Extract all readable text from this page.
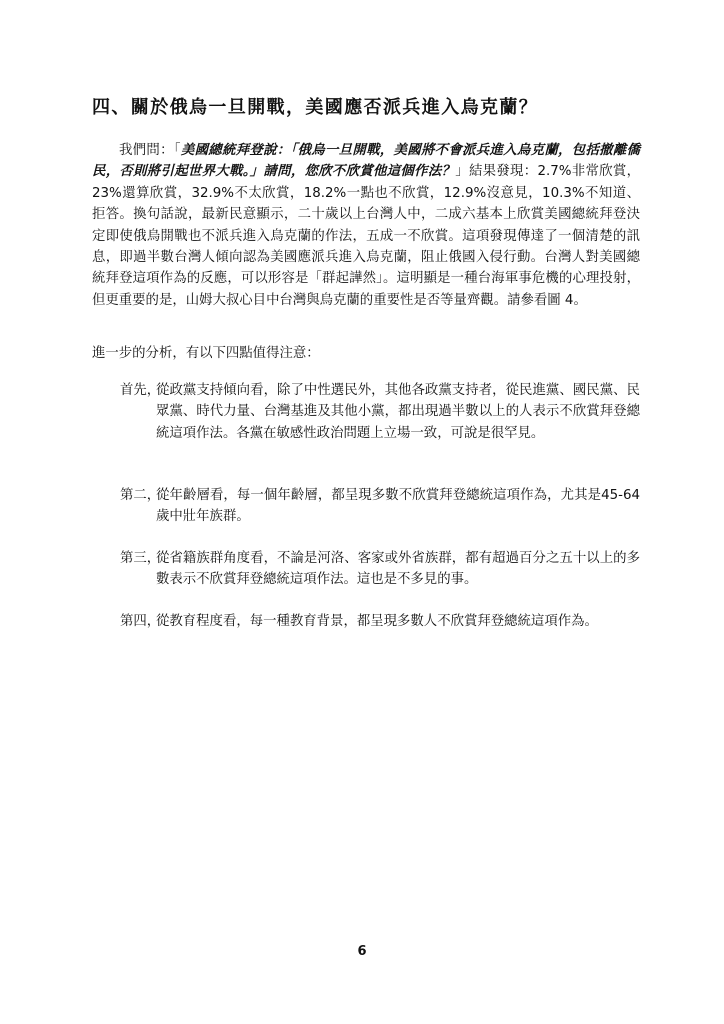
四、關於俄烏一旦開戰，美國應否派兵進入烏克蘭？

我們問：「美國總統拜登說：「俄烏一旦開戰，美國將不會派兵進入烏克蘭，包括撤離僑民，否則將引起世界大戰。」請問，您欣不欣賞他這個作法？」結果發現：2.7%非常欣賞，23%還算欣賞，32.9%不太欣賞，18.2%一點也不欣賞，12.9%沒意見，10.3%不知道、拒答。換句話說，最新民意顯示，二十歲以上台灣人中，二成六基本上欣賞美國總統拜登決定即使俄烏開戰也不派兵進入烏克蘭的作法，五成一不欣賞。這項發現傳達了一個清楚的訊息，即過半數台灣人傾向認為美國應派兵進入烏克蘭，阻止俄國入侵行動。台灣人對美國總統拜登這項作為的反應，可以形容是「群起譁然」。這明顯是一種台海軍事危機的心理投射，但更重要的是，山姆大叔心目中台灣與烏克蘭的重要性是否等量齊觀。請參看圖 4。

進一步的分析，有以下四點值得注意：

首先，
從政黨支持傾向看，除了中性選民外，其他各政黨支持者，從民進黨、國民黨、民眾黨、時代力量、台灣基進及其他小黨，都出現過半數以上的人表示不欣賞拜登總統這項作法。各黨在敏感性政治問題上立場一致，可說是很罕見。
第二，
從年齡層看，每一個年齡層，都呈現多數不欣賞拜登總統這項作為，尤其是45-64 歲中壯年族群。
第三，
從省籍族群角度看，不論是河洛、客家或外省族群，都有超過百分之五十以上的多數表示不欣賞拜登總統這項作法。這也是不多見的事。
第四，
從教育程度看，每一種教育背景，都呈現多數人不欣賞拜登總統這項作為。
6
